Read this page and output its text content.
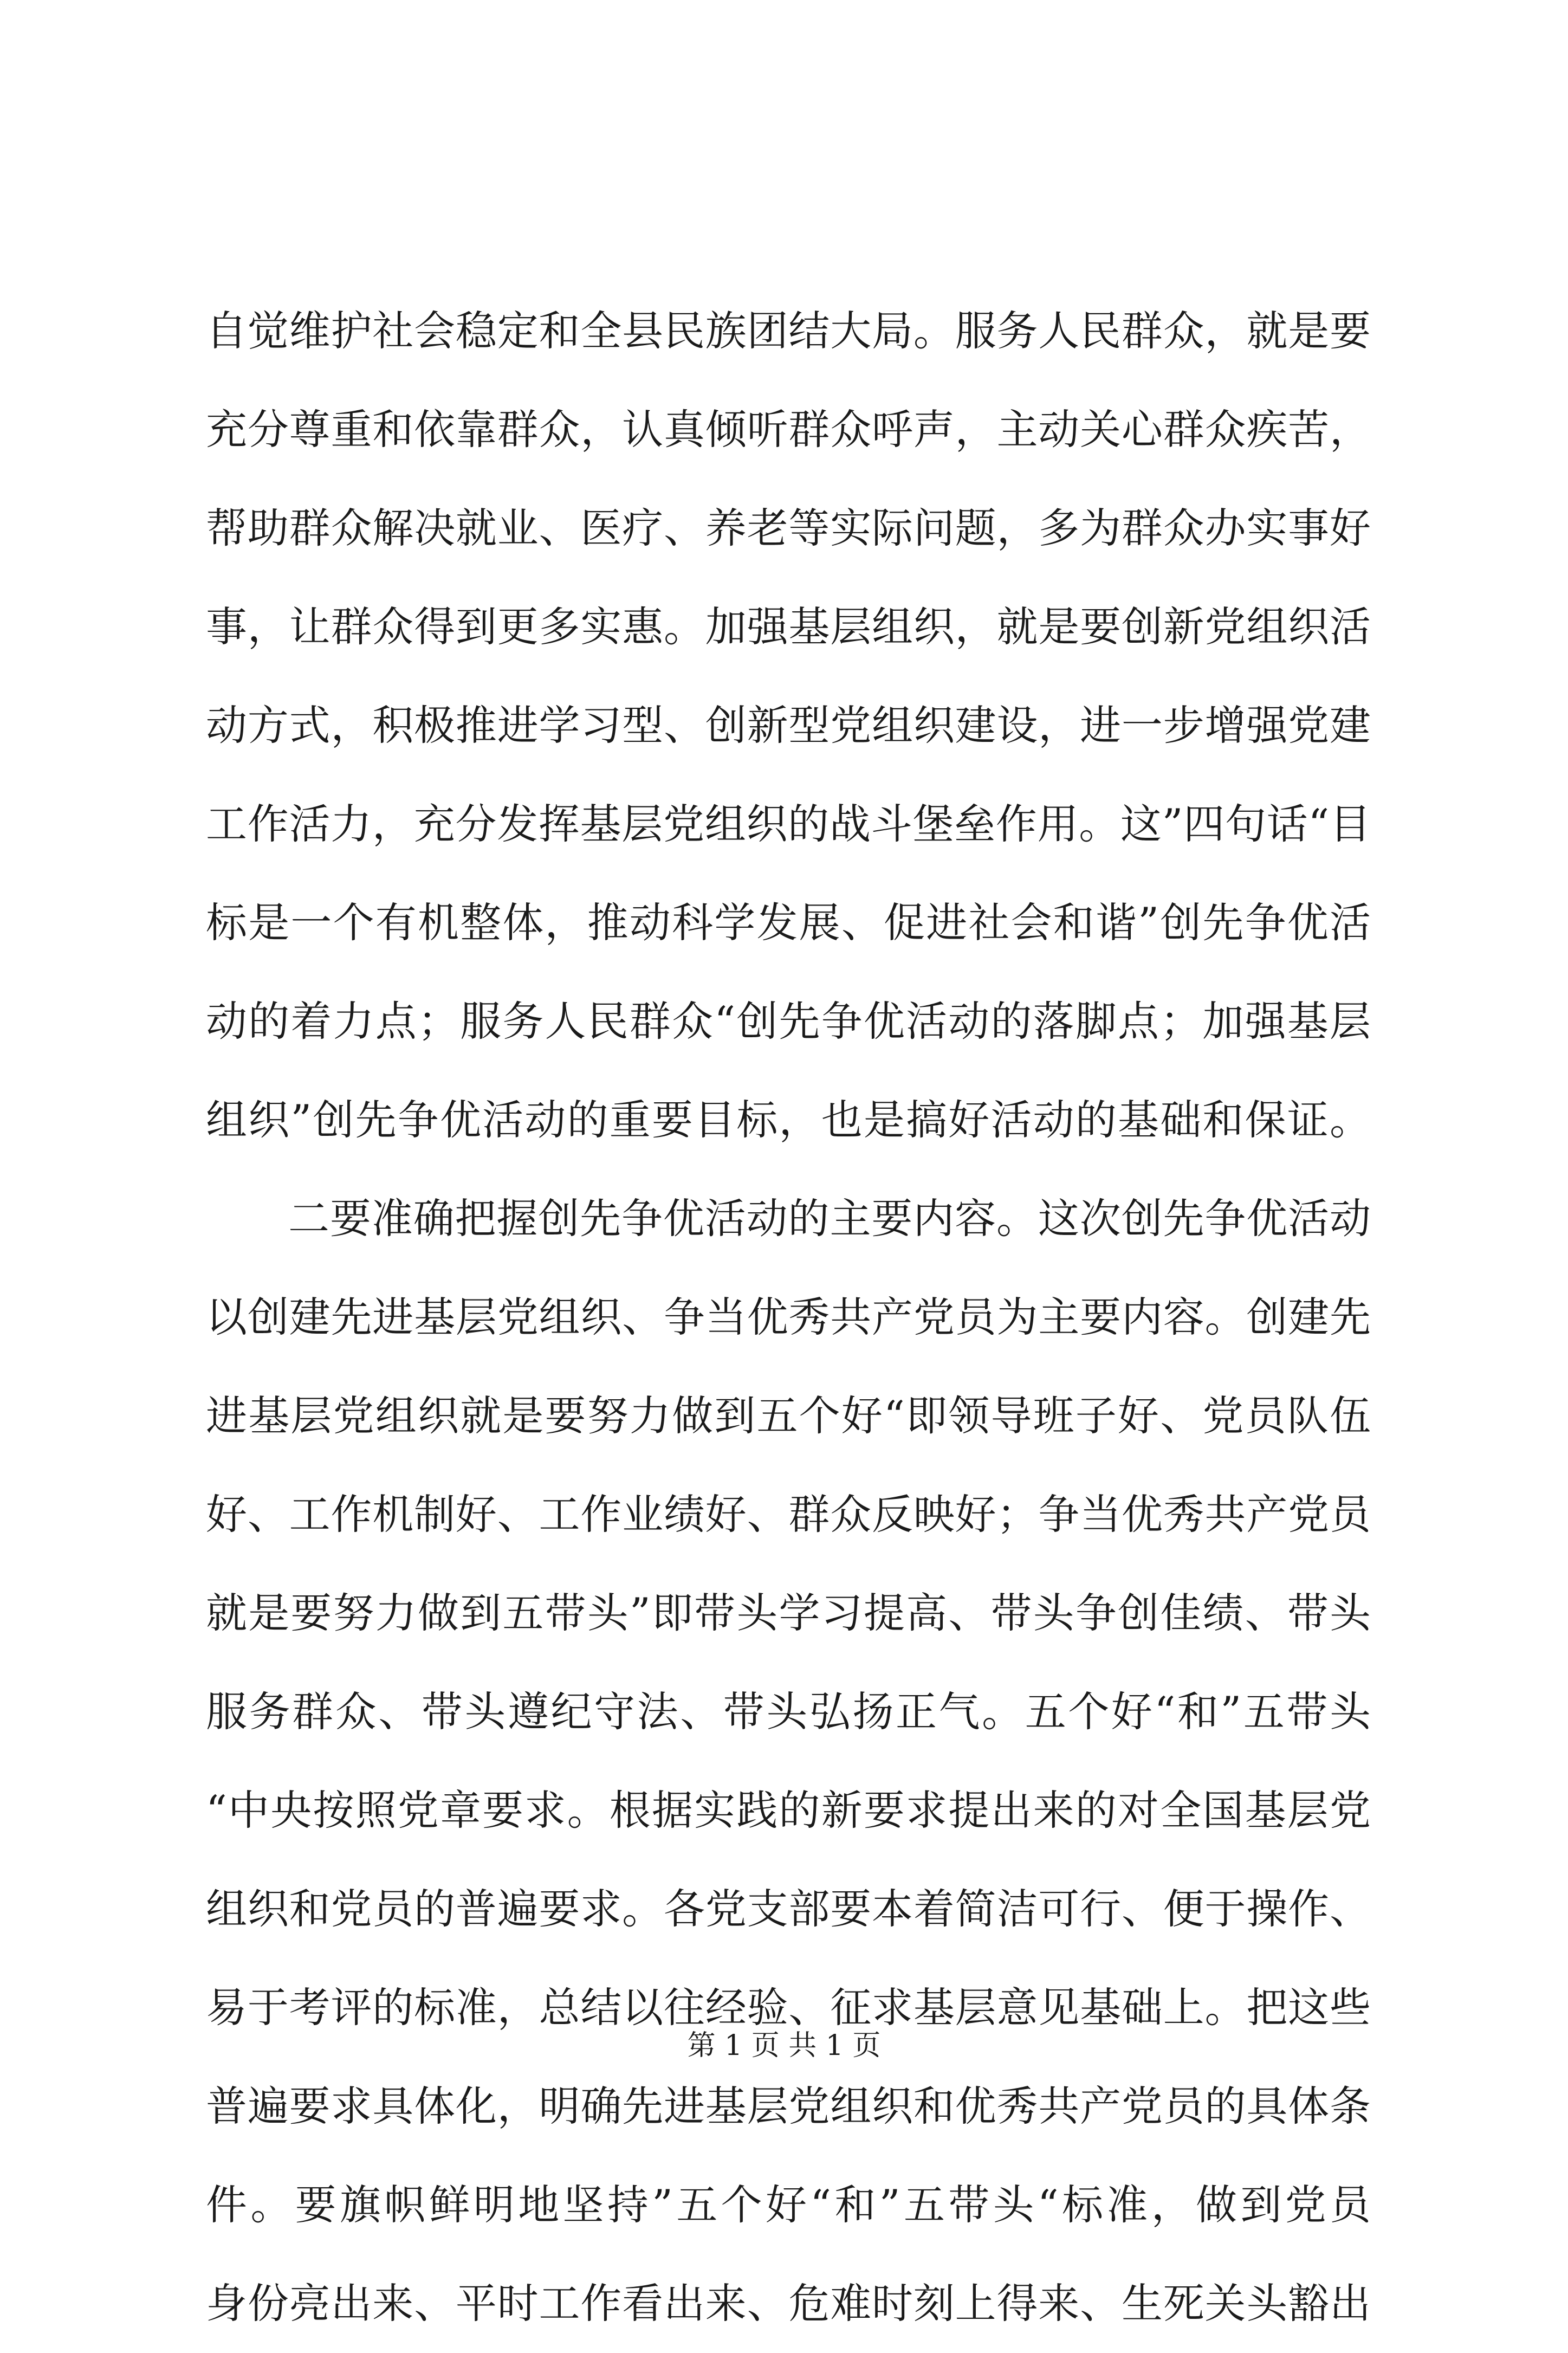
自觉维护社会稳定和全县民族团结大局。服务人民群众，就是要
充分尊重和依靠群众，认真倾听群众呼声，主动关心群众疾苦，
帮助群众解决就业、医疗、养老等实际问题，多为群众办实事好
事，让群众得到更多实惠。加强基层组织，就是要创新党组织活
动方式，积极推进学习型、创新型党组织建设，进一步增强党建
工作活力，充分发挥基层党组织的战斗堡垒作用。这”四句话“目
标是一个有机整体，推动科学发展、促进社会和谐”创先争优活
动的着力点；服务人民群众“创先争优活动的落脚点；加强基层
组织”创先争优活动的重要目标，也是搞好活动的基础和保证。
二要准确把握创先争优活动的主要内容。这次创先争优活动
以创建先进基层党组织、争当优秀共产党员为主要内容。创建先
进基层党组织就是要努力做到五个好“即领导班子好、党员队伍
好、工作机制好、工作业绩好、群众反映好；争当优秀共产党员
就是要努力做到五带头”即带头学习提高、带头争创佳绩、带头
服务群众、带头遵纪守法、带头弘扬正气。五个好“和”五带头
“中央按照党章要求。根据实践的新要求提出来的对全国基层党
组织和党员的普遍要求。各党支部要本着简洁可行、便于操作、
易于考评的标准，总结以往经验、征求基层意见基础上。把这些
普遍要求具体化，明确先进基层党组织和优秀共产党员的具体条
件。要旗帜鲜明地坚持”五个好“和”五带头“标准，做到党员
身份亮出来、平时工作看出来、危难时刻上得来、生死关头豁出
第 1 页 共 1 页
